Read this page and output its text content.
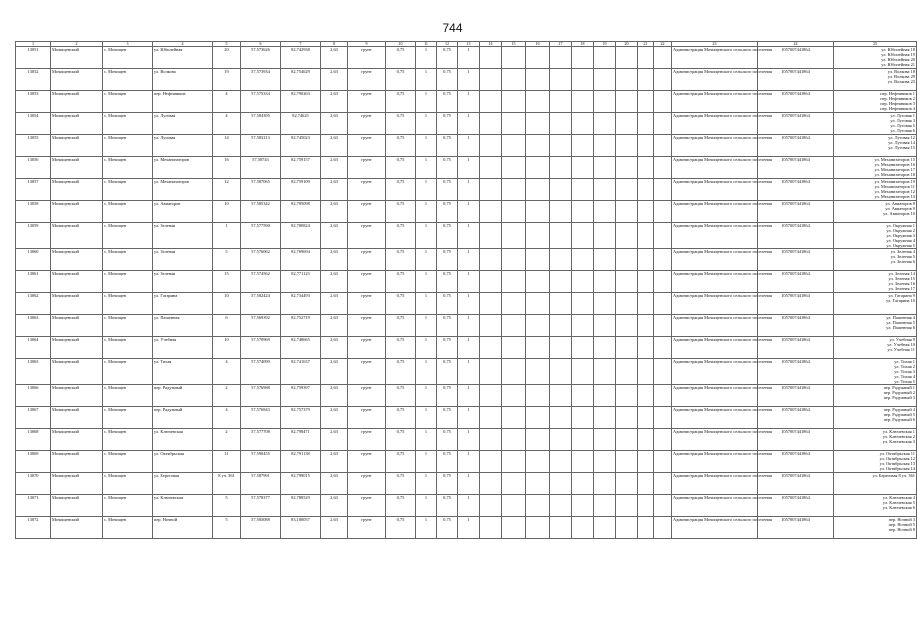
744
1	2	3	4	5	6	7	8	9	10	11	12	13	14	15	16	17	18	19	20	21	22	23	24	25
13051	Мочищенский	с. Мочищев	ул. Юбилейная	20	57,573626	82,742938	2,63	грунт	0,75	1	0,75	1										Администрация Мочищенского сельского поселения	1057007441864	ул. Юбилейная 18
ул. Юбилейная 19
ул. Юбилейная 20
ул. Юбилейная 21
13052	Мочищенский	с. Мочищев	ул. Волкова	19	57,573934	82,754629	2,63	грунт	0,75	1	0,75	1										Администрация Мочищенского сельского поселения	1057007441864	ул. Волкова 18
ул. Волкова 29
ул. Волкова 23
13053	Мочищенский	с. Мочищев	пер. Нефтяников	4	57,575334	82,790263	2,63	грунт	0,75	1	0,75	1										Администрация Мочищенского сельского поселения	1057007441864	пер. Нефтяников 1
пер. Нефтяников 2
пер. Нефтяников 3
пер. Нефтяников 4
13054	Мочищенский	с. Мочищев	ул. Луговая	4	57,584395	82,74625	2,63	грунт	0,75	1	0,75	1										Администрация Мочищенского сельского поселения	1057007441864	ул. Луговая 1
ул. Луговая 3
ул. Луговая 5
ул. Луговая 6
13055	Мочищенский	с. Мочищев	ул. Луговая	14	57,583213	82,745023	2,63	грунт	0,75	1	0,75	1										Администрация Мочищенского сельского поселения	1057007441864	ул. Луговая 12
ул. Луговая 14
ул. Луговая 15
13056	Мочищенский	с. Мочищев	ул. Механизаторов	16	57,58743	82,759157	2,63	грунт	0,75	1	0,75	1										Администрация Мочищенского сельского поселения	1057007441864	ул. Механизаторов 15
ул. Механизаторов 16
ул. Механизаторов 17
ул. Механизаторов 18
13057	Мочищенский	с. Мочищев	ул. Механизаторов	12	57,587065	82,759109	2,63	грунт	0,75	1	0,75	1										Администрация Мочищенского сельского поселения	1057007441864	ул. Механизаторов 19
ул. Механизаторов 11
ул. Механизаторов 12
ул. Механизаторов 13
13058	Мочищенский	с. Мочищев	ул. Авиаторов	10	57,585342	82,785098	2,63	грунт	0,75	1	0,75	1										Администрация Мочищенского сельского поселения	1057007441864	ул. Авиаторов 8
ул. Авиаторов 9
ул. Авиаторов 10
13059	Мочищенский	с. Мочищев	ул. Зеленая	1	57,577590	82,780824	2,63	грунт	0,75	1	0,75	1										Администрация Мочищенского сельского поселения	1057007441864	ул. Окружная 1
ул. Окружная 2
ул. Окружная 3
ул. Окружная 4
ул. Окружная 5
13060	Мочищенский	с. Мочищев	ул. Зеленая	5	57,576062	82,769694	2,63	грунт	0,75	1	0,75	1										Администрация Мочищенского сельского поселения	1057007441864	ул. Зеленая 4
ул. Зеленая 5
ул. Зеленая 6
13061	Мочищенский	с. Мочищев	ул. Зеленая	15	57,574562	82,771123	2,63	грунт	0,75	1	0,75	1										Администрация Мочищенского сельского поселения	1057007441864	ул. Зеленая 14
ул. Зеленая 15
ул. Зеленая 16
ул. Зеленая 17
13062	Мочищенский	с. Мочищев	ул. Гагарина	10	57,582424	82,734493	2,63	грунт	0,75	1	0,75	1										Администрация Мочищенского сельского поселения	1057007441864	ул. Гагарина 9
ул. Гагарина 10
13063	Мочищенский	с. Мочищев	ул. Пашенная	6	57,569392	82,752719	2,63	грунт	0,75	1	0,75	1										Администрация Мочищенского сельского поселения	1057007441864	ул. Пашенная 4
ул. Пашенная 5
ул. Пашенная 6
13064	Мочищенский	с. Мочищев	ул. Учебная	10	57,570969	82,748665	2,63	грунт	0,75	1	0,75	1										Администрация Мочищенского сельского поселения	1057007441864	ул. Учебная 9
ул. Учебная 10
ул. Учебная 11
13065	Мочищенский	с. Мочищев	ул. Тихая	4	57,574099	82,741637	2,63	грунт	0,75	1	0,75	1										Администрация Мочищенского сельского поселения	1057007441864	ул. Тихая 1
ул. Тихая 2
ул. Тихая 3
ул. Тихая 4
ул. Тихая 5
13066	Мочищенский	с. Мочищев	пер. Радужный	2	57,576988	82,759397	2,63	грунт	0,75	1	0,75	1										Администрация Мочищенского сельского поселения	1057007441864	пер. Радужный 1
пер. Радужный 2
пер. Радужный 3
13067	Мочищенский	с. Мочищев	пер. Радужный	4	57,576843	82,757379	2,63	грунт	0,75	1	0,75	1										Администрация Мочищенского сельского поселения	1057007441864	пер. Радужный 4
пер. Радужный 5
пер. Радужный 6
13068	Мочищенский	с. Мочищев	ул. Ключевская	2	57,577708	82,798471	2,63	грунт	0,75	1	0,75	1										Администрация Мочищенского сельского поселения	1057007441864	ул. Ключевская 1
ул. Ключевская 2
ул. Ключевская 3
13069	Мочищенский	с. Мочищев	ул. Октябрьская	11	57,590455	82,791138	2,63	грунт	0,75	1	0,75	1										Администрация Мочищенского сельского поселения	1057007441864	ул. Октябрьская 11
ул. Октябрьская 12
ул. Октябрьская 13
ул. Октябрьская 14
13070	Мочищенский	с. Мочищев	ул. Береговая	8 уч. 361	57,587991	82,799015	2,63	грунт	0,75	1	0,75	1										Администрация Мочищенского сельского поселения	1057007441864	ул. Береговая 8 уч. 361
13071	Мочищенский	с. Мочищев	ул. Ключевская	5	57,578377	82,788529	2,63	грунт	0,75	1	0,75	1										Администрация Мочищенского сельского поселения	1057007441864	ул. Ключевская 4
ул. Ключевская 5
ул. Ключевская 6
13072	Мочищенский	с. Мочищев	пер. Ночной	5	57,583088	83,180057	2,63	грунт	0,75	1	0,75	1										Администрация Мочищенского сельского поселения	1057007441864	пер. Ночной 3
пер. Ночной 5
пер. Ночной 8
